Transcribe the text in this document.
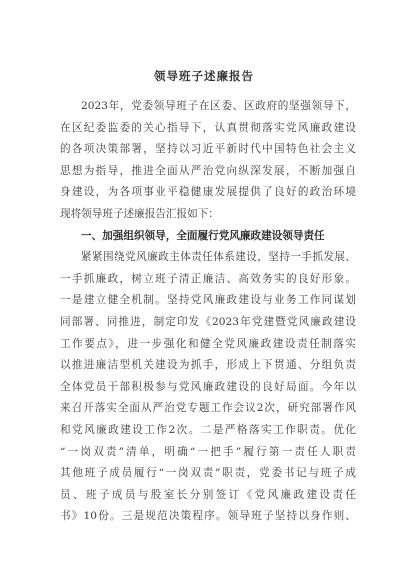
领导班子述廉报告
2023年，党委领导班子在区委、区政府的坚强领导下，
在区纪委监委的关心指导下，认真贯彻落实党风廉政建设
的各项决策部署，坚持以习近平新时代中国特色社会主义
思想为指导，推进全面从严治党向纵深发展，不断加强自
身建设，为各项事业平稳健康发展提供了良好的政治环境
现将领导班子述廉报告汇报如下：
一、加强组织领导，全面履行党风廉政建设领导责任
紧紧围绕党风廉政主体责任体系建设，坚持一手抓发展、
一手抓廉政，树立班子清正廉洁、高效务实的良好形象。
一是建立健全机制。坚持党风廉政建设与业务工作同谋划
同部署、同推进，制定印发《2023年党建暨党风廉政建设
工作要点》，进一步强化和健全党风廉政建设责任制落实
以推进廉洁型机关建设为抓手，形成上下贯通、分组负责
全体党员干部积极参与党风廉政建设的良好局面。今年以
来召开落实全面从严治党专题工作会议2次，研究部署作风
和党风廉政建设工作2次。二是严格落实工作职责。优化
“一岗双责”清单，明确“一把手”履行第一责任人职责
其他班子成员履行“一岗双责”职责，党委书记与班子成
员、班子成员与股室长分别签订《党风廉政建设责任
书》10份。三是规范决策程序。领导班子坚持以身作则、
